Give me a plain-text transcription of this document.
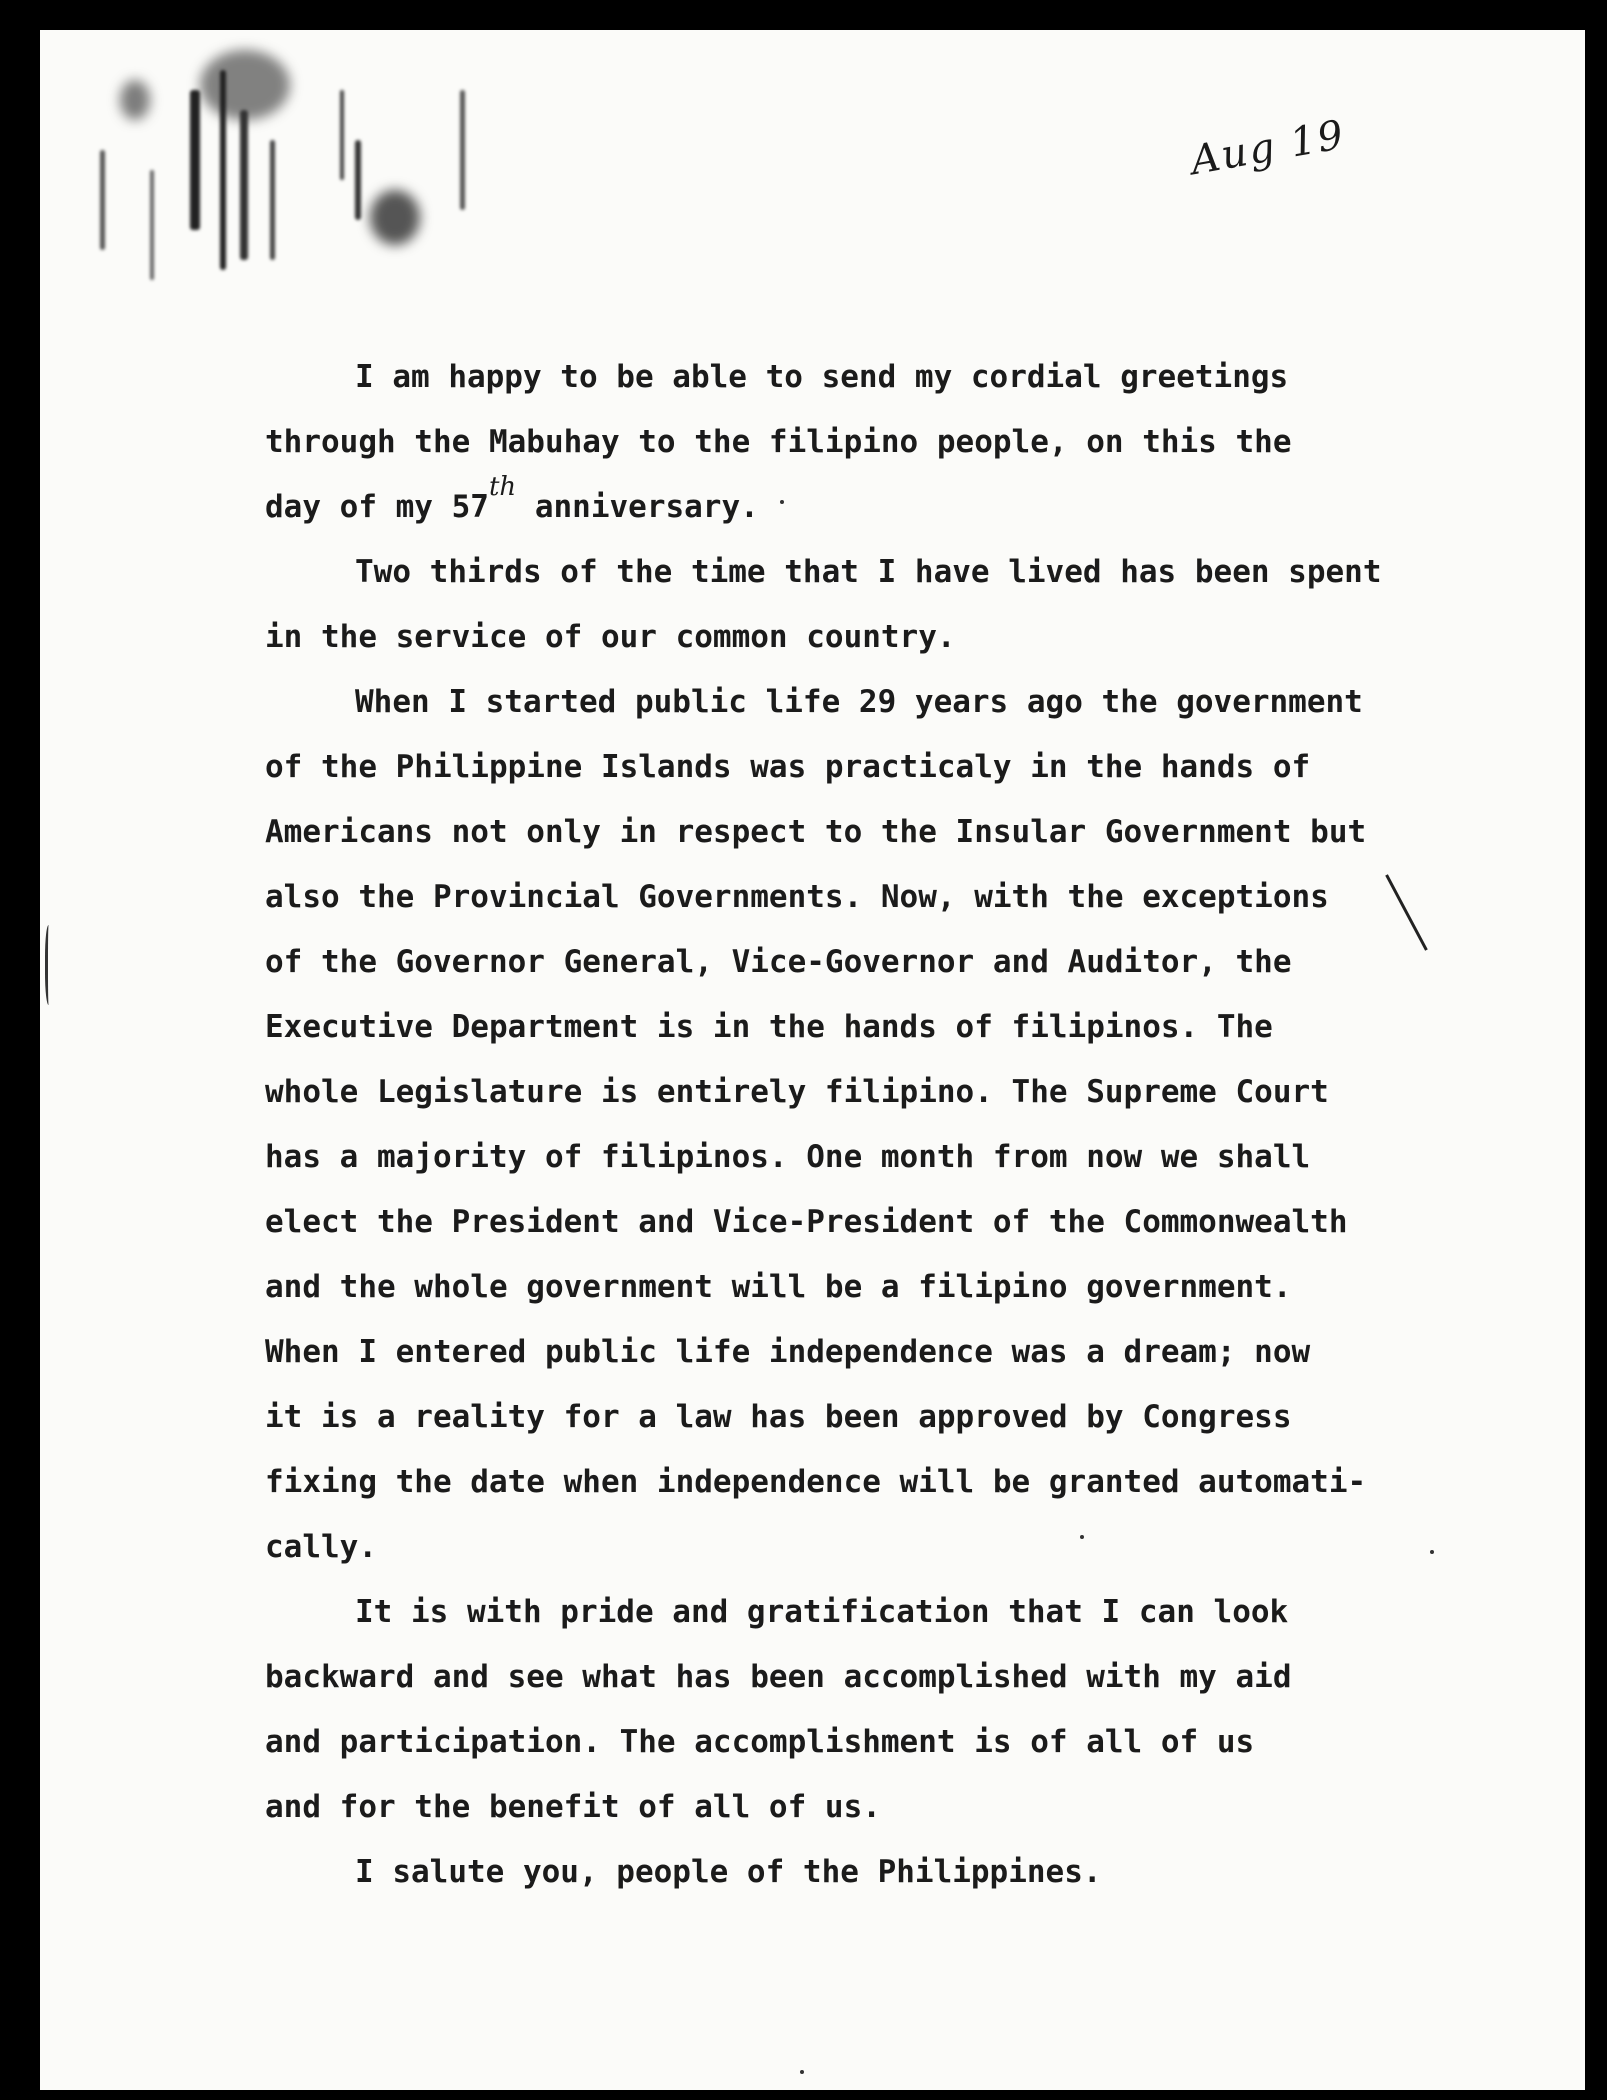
Aug 19
I am happy to be able to send my cordial greetings
through the Mabuhay to the filipino people, on this the
day of my 57th anniversary.
Two thirds of the time that I have lived has been spent
in the service of our common country.
When I started public life 29 years ago the government
of the Philippine Islands was practicaly in the hands of
Americans not only in respect to the Insular Government but
also the Provincial Governments. Now, with the exceptions
of the Governor General, Vice-Governor and Auditor, the
Executive Department is in the hands of filipinos. The
whole Legislature is entirely filipino. The Supreme Court
has a majority of filipinos. One month from now we shall
elect the President and Vice-President of the Commonwealth
and the whole government will be a filipino government.
When I entered public life independence was a dream; now
it is a reality for a law has been approved by Congress
fixing the date when independence will be granted automati-
cally.
It is with pride and gratification that I can look
backward and see what has been accomplished with my aid
and participation. The accomplishment is of all of us
and for the benefit of all of us.
I salute you, people of the Philippines.
